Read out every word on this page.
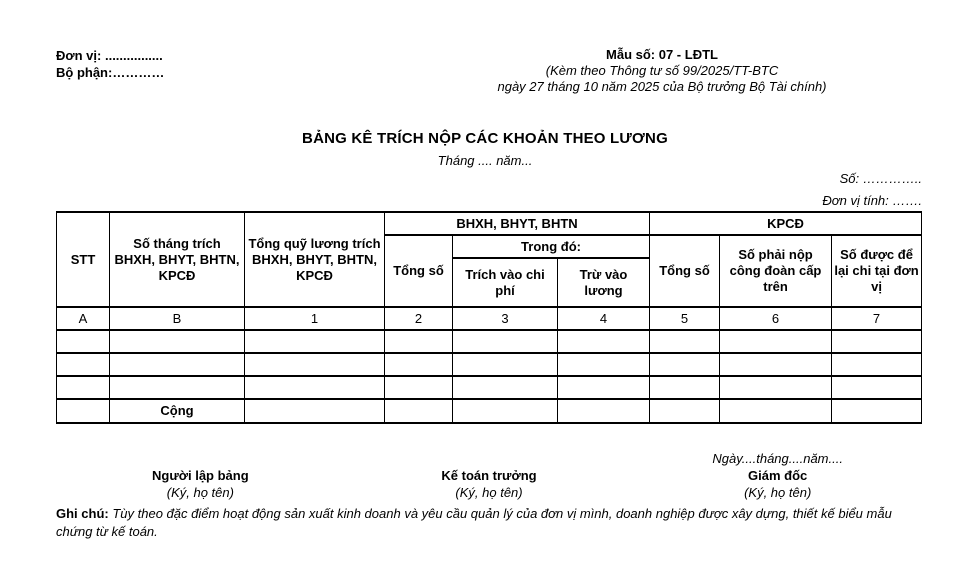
Đơn vị: ................
Bộ phận:…………
Mẫu số: 07 - LĐTL
(Kèm theo Thông tư số 99/2025/TT-BTC
ngày 27 tháng 10 năm 2025 của Bộ trưởng Bộ Tài chính)
BẢNG KÊ TRÍCH NỘP CÁC KHOẢN THEO LƯƠNG
Tháng .... năm...
Số: …………..
Đơn vị tính: …….
STT	Số tháng trích BHXH, BHYT, BHTN, KPCĐ	Tổng quỹ lương trích BHXH, BHYT, BHTN, KPCĐ	BHXH, BHYT, BHTN			KPCĐ		
			Tổng số	Trong đó:		Tổng số	Số phải nộp công đoàn cấp trên	Số được để lại chi tại đơn vị
				Trích vào chi phí	Trừ vào lương			
A	B	1	2	3	4	5	6	7

	Cộng							
Người lập bảng
(Ký, họ tên)
Kế toán trưởng
(Ký, họ tên)
Ngày....tháng....năm....
Giám đốc
(Ký, họ tên)
Ghi chú: Tùy theo đặc điểm hoạt động sản xuất kinh doanh và yêu cầu quản lý của đơn vị mình, doanh nghiệp được xây dựng, thiết kế biểu mẫu chứng từ kế toán.
